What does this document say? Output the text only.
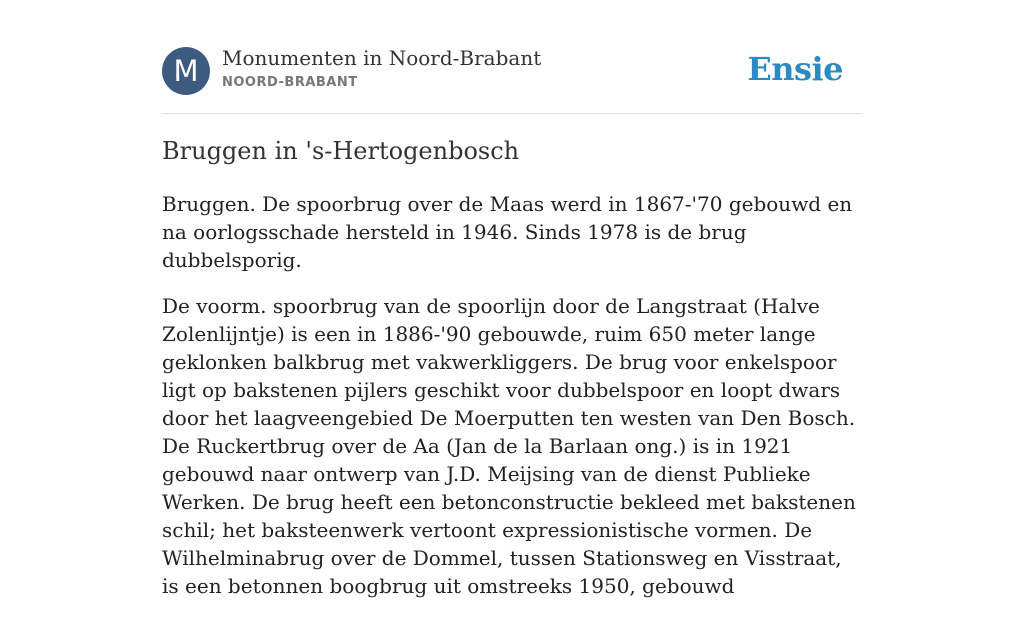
M	Monumenten in Noord-Brabant
NOORD-BRABANT	Ensie
Bruggen in 's-Hertogenbosch

Bruggen. De spoorbrug over de Maas werd in 1867-'70 gebouwd en na oorlogsschade hersteld in 1946. Sinds 1978 is de brug dubbelsporig.

De voorm. spoorbrug van de spoorlijn door de Langstraat (Halve Zolenlijntje) is een in 1886-'90 gebouwde, ruim 650 meter lange geklonken balkbrug met vakwerkliggers. De brug voor enkelspoor ligt op bakstenen pijlers geschikt voor dubbelspoor en loopt dwars door het laagveengebied De Moerputten ten westen van Den Bosch. De Ruckertbrug over de Aa (Jan de la Barlaan ong.) is in 1921 gebouwd naar ontwerp van J.D. Meijsing van de dienst Publieke Werken. De brug heeft een betonconstructie bekleed met bakstenen schil; het baksteenwerk vertoont expressionistische vormen. De Wilhelminabrug over de Dommel, tussen Stationsweg en Visstraat, is een betonnen boogbrug uit omstreeks 1950, gebouwd
